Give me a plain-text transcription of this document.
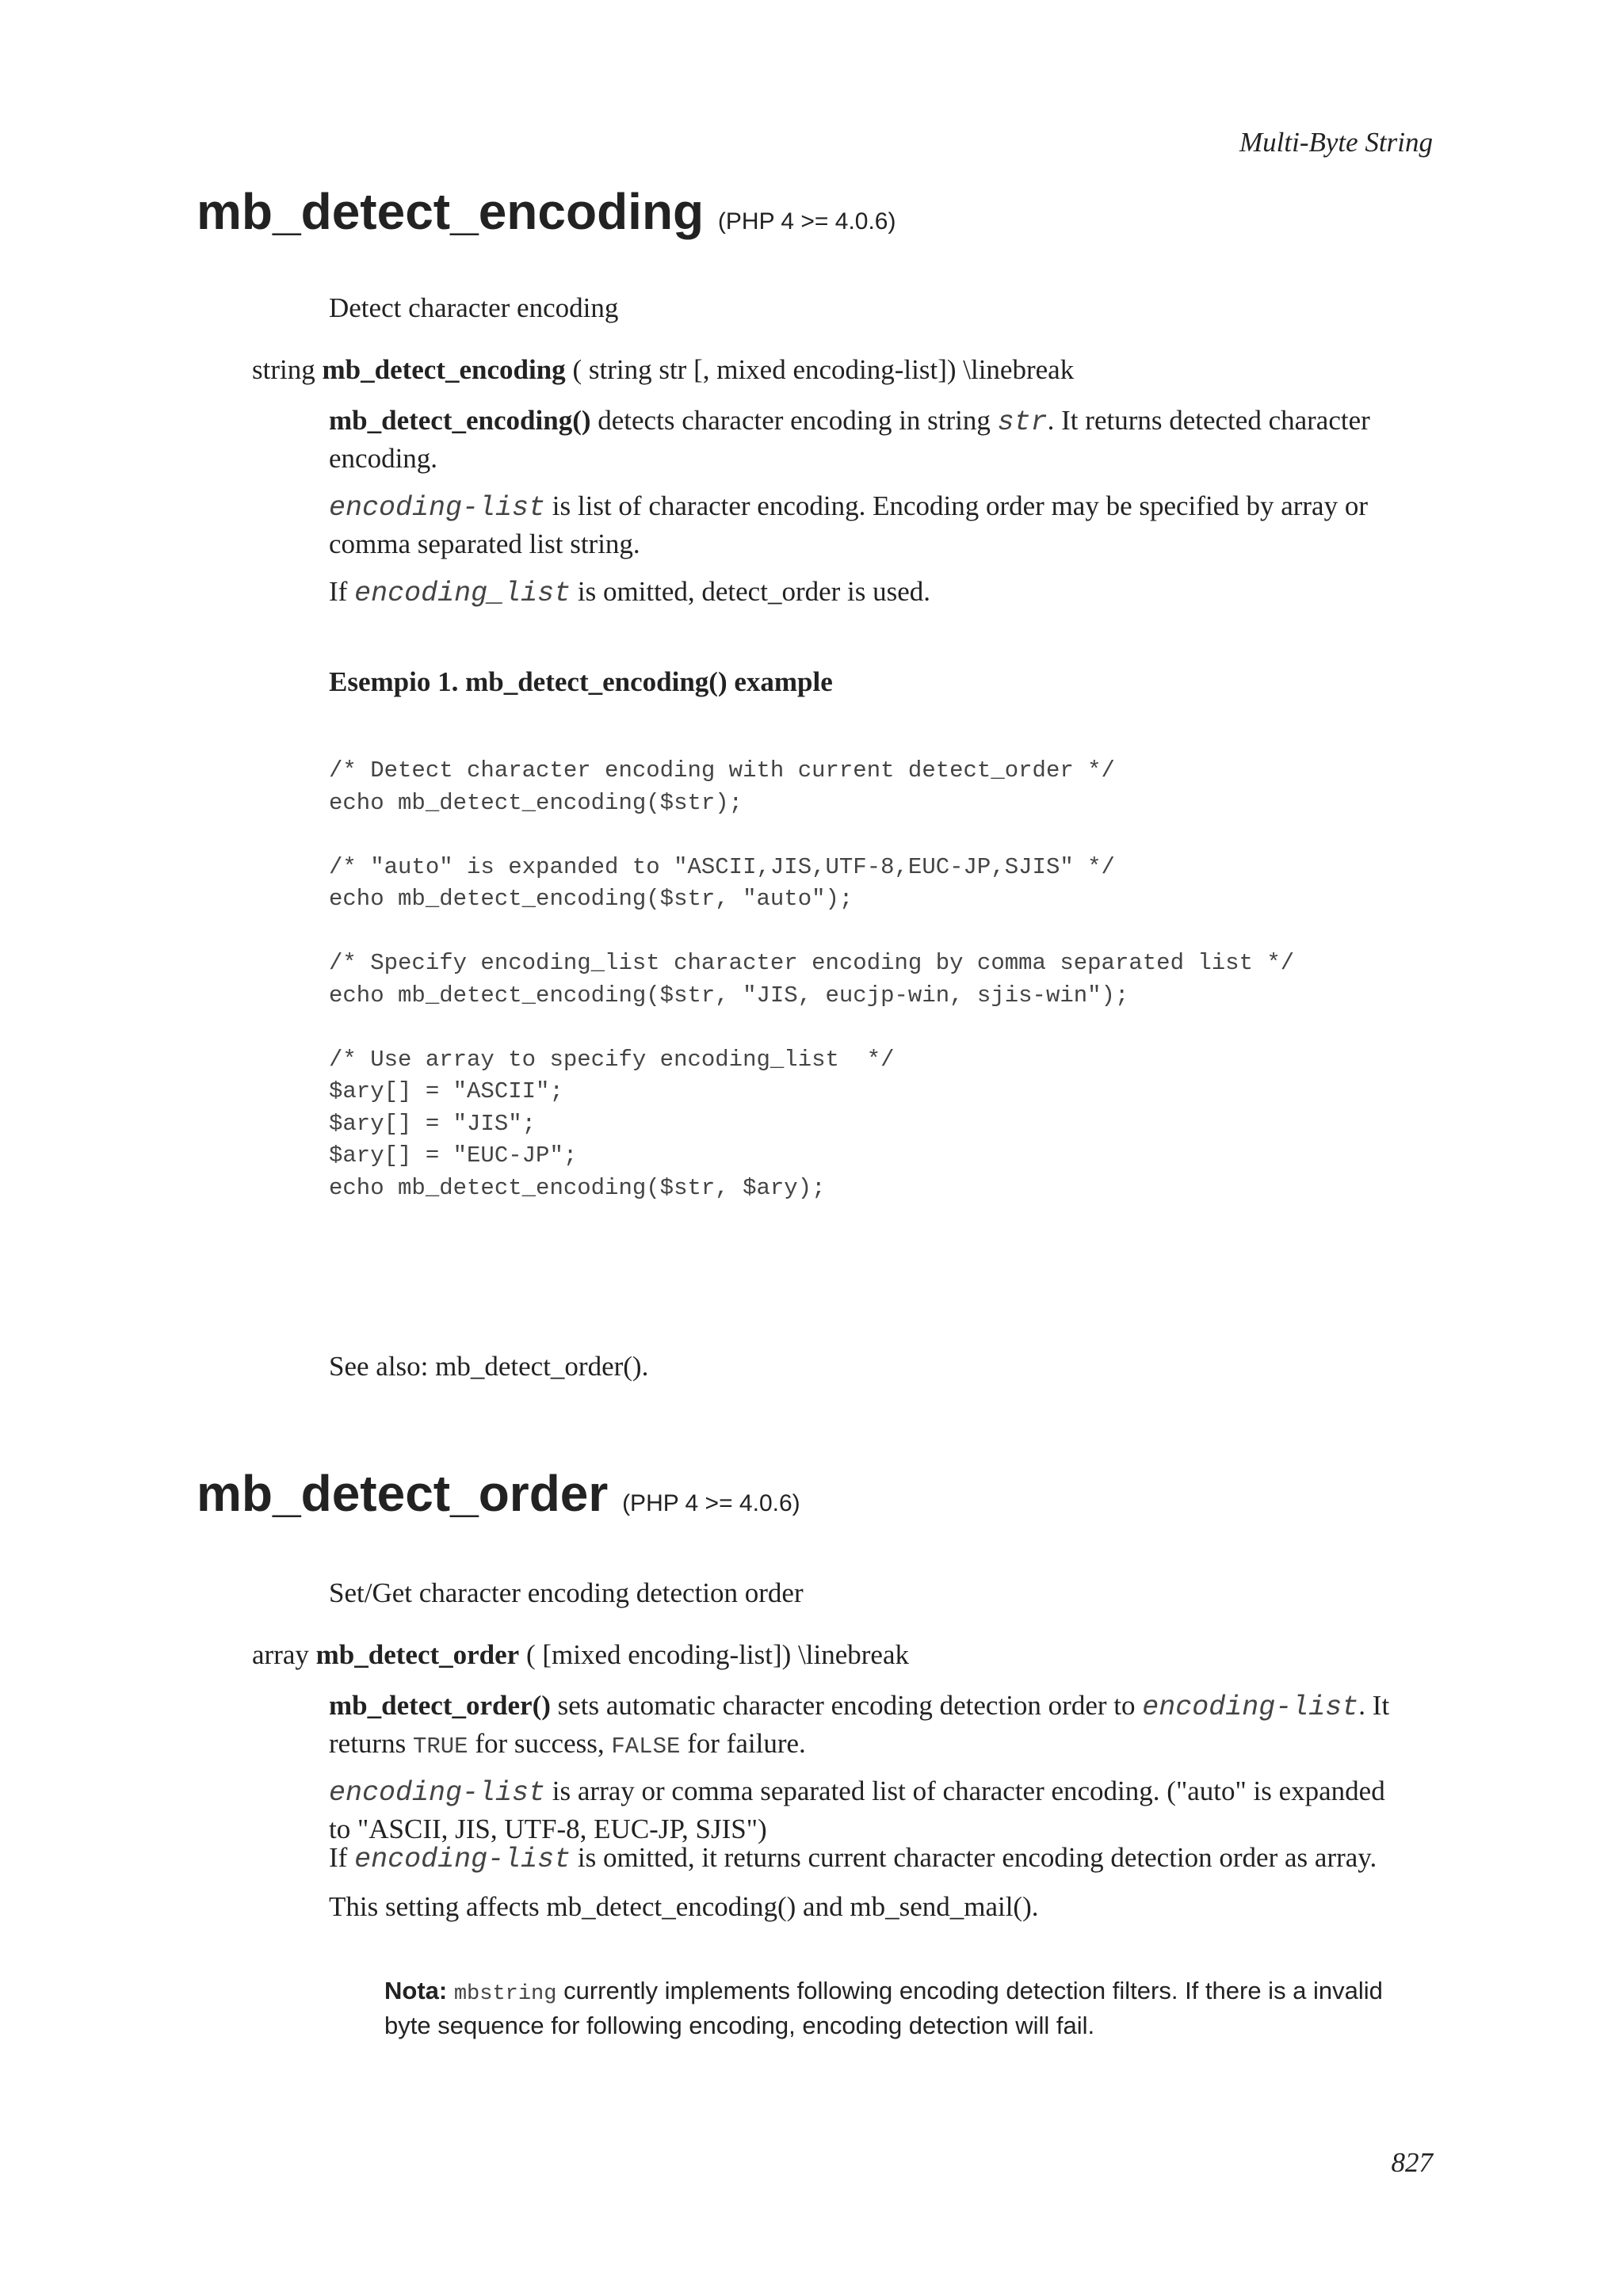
Multi-Byte String
mb_detect_encoding (PHP 4 >= 4.0.6)

Detect character encoding

string mb_detect_encoding ( string str [, mixed encoding-list]) \linebreak

mb_detect_encoding() detects character encoding in string str. It returns detected character encoding.

encoding-list is list of character encoding. Encoding order may be specified by array or comma separated list string.

If encoding_list is omitted, detect_order is used.

Esempio 1. mb_detect_encoding() example

/* Detect character encoding with current detect_order */
echo mb_detect_encoding($str);

/* "auto" is expanded to "ASCII,JIS,UTF-8,EUC-JP,SJIS" */
echo mb_detect_encoding($str, "auto");

/* Specify encoding_list character encoding by comma separated list */
echo mb_detect_encoding($str, "JIS, eucjp-win, sjis-win");

/* Use array to specify encoding_list  */
$ary[] = "ASCII";
$ary[] = "JIS";
$ary[] = "EUC-JP";
echo mb_detect_encoding($str, $ary);

See also: mb_detect_order().

mb_detect_order (PHP 4 >= 4.0.6)

Set/Get character encoding detection order

array mb_detect_order ( [mixed encoding-list]) \linebreak

mb_detect_order() sets automatic character encoding detection order to encoding-list. It returns TRUE for success, FALSE for failure.

encoding-list is array or comma separated list of character encoding. ("auto" is expanded to "ASCII, JIS, UTF-8, EUC-JP, SJIS")

If encoding-list is omitted, it returns current character encoding detection order as array.

This setting affects mb_detect_encoding() and mb_send_mail().

Nota: mbstring currently implements following encoding detection filters. If there is a invalid byte sequence for following encoding, encoding detection will fail.

827
